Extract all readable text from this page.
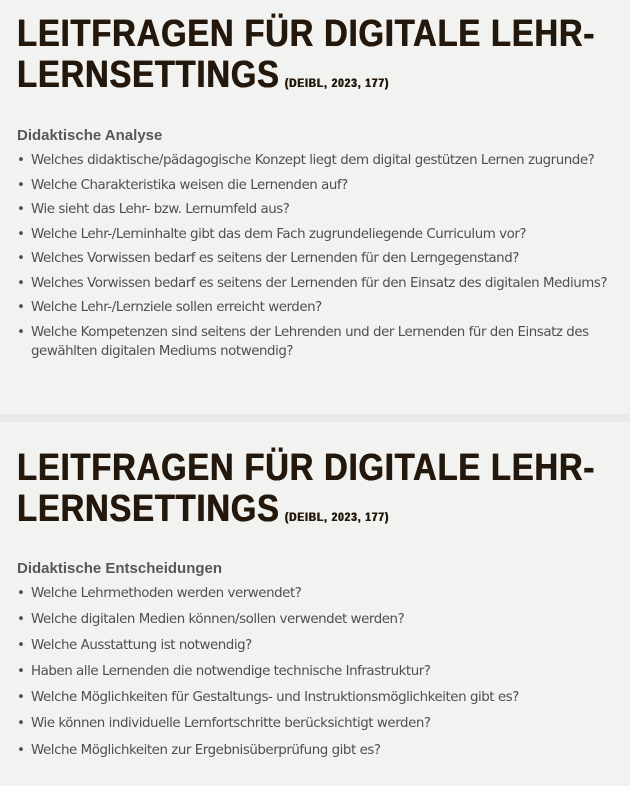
LEITFRAGEN FÜR DIGITALE LEHR-
LERNSETTINGS (DEIBL, 2023, 177)
Didaktische Analyse
• Welches didaktische/pädagogische Konzept liegt dem digital gestützen Lernen zugrunde?
• Welche Charakteristika weisen die Lernenden auf?
• Wie sieht das Lehr- bzw. Lernumfeld aus?
• Welche Lehr-/Lerninhalte gibt das dem Fach zugrundeliegende Curriculum vor?
• Welches Vorwissen bedarf es seitens der Lernenden für den Lerngegenstand?
• Welches Vorwissen bedarf es seitens der Lernenden für den Einsatz des digitalen Mediums?
• Welche Lehr-/Lernziele sollen erreicht werden?
• Welche Kompetenzen sind seitens der Lehrenden und der Lernenden für den Einsatz des gewählten digitalen Mediums notwendig?
LEITFRAGEN FÜR DIGITALE LEHR-
LERNSETTINGS (DEIBL, 2023, 177)
Didaktische Entscheidungen
• Welche Lehrmethoden werden verwendet?
• Welche digitalen Medien können/sollen verwendet werden?
• Welche Ausstattung ist notwendig?
• Haben alle Lernenden die notwendige technische Infrastruktur?
• Welche Möglichkeiten für Gestaltungs- und Instruktionsmöglichkeiten gibt es?
• Wie können individuelle Lernfortschritte berücksichtigt werden?
• Welche Möglichkeiten zur Ergebnisüberprüfung gibt es?
